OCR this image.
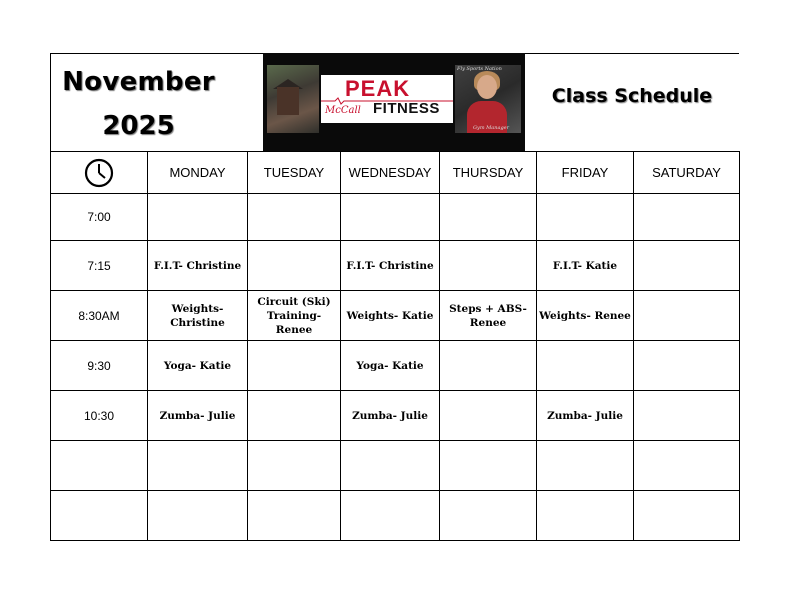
November
2025
PEAK
FITNESS
McCall
Fly Sports Nation
Gym Manager
Class Schedule
	MONDAY	TUESDAY	WEDNESDAY	THURSDAY	FRIDAY	SATURDAY
7:00						
7:15	F.I.T- Christine		F.I.T- Christine		F.I.T- Katie	
8:30AM	Weights- Christine	Circuit (Ski) Training- Renee	Weights- Katie	Steps + ABS- Renee	Weights- Renee	
9:30	Yoga- Katie		Yoga- Katie			
10:30	Zumba- Julie		Zumba- Julie		Zumba- Julie	
